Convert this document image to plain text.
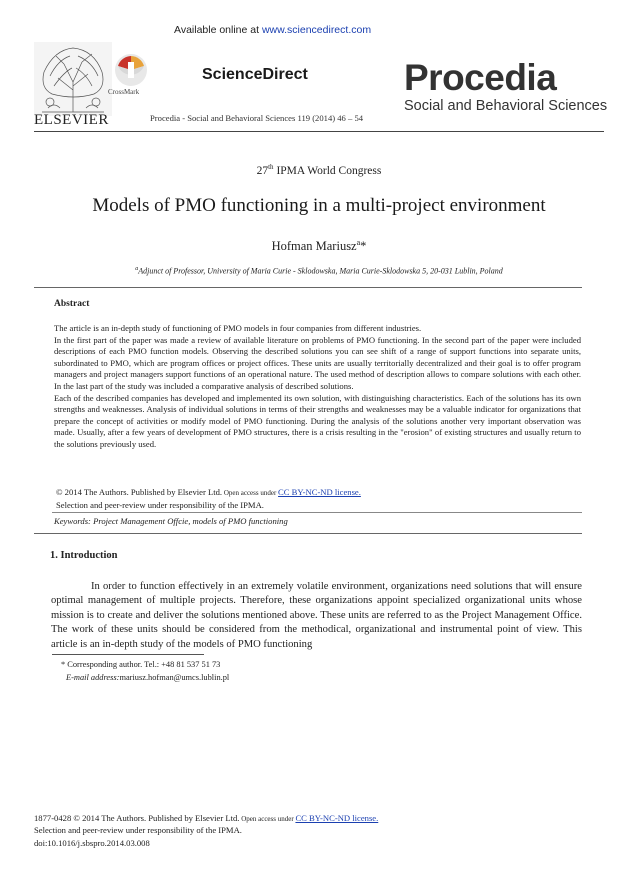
ELSEVIER
CrossMark
Available online at www.sciencedirect.com
ScienceDirect
Procedia - Social and Behavioral Sciences 119 (2014) 46 – 54
Procedia
Social and Behavioral Sciences
27th IPMA World Congress
Models of PMO functioning in a multi-project environment
Hofman Mariusz$^a$*
$^a$Adjunct of Professor, University of Maria Curie - Sklodowska, Maria Curie-Sklodowska 5, 20-031 Lublin, Poland
Abstract
The article is an in-depth study of functioning of PMO models in four companies from different industries.
In the first part of the paper was made a review of available literature on problems of PMO functioning. In the second part of the paper were included descriptions of each PMO function models. Observing the described solutions you can see shift of a range of support functions into separate units, subordinated to PMO, which are program offices or project offices. These units are usually territorially decentralized and their goal is to offer program managers and project managers support functions of an operational nature. The used method of description allows to compare solutions with each other. In the last part of the study was included a comparative analysis of described solutions.
Each of the described companies has developed and implemented its own solution, with distinguishing characteristics. Each of the solutions has its own strengths and weaknesses. Analysis of individual solutions in terms of their strengths and weaknesses may be a valuable indicator for organizations that prepare the concept of activities or modify model of PMO functioning. During the analysis of the solutions another very important observation was made. Usually, after a few years of development of PMO structures, there is a crisis resulting in the "erosion" of existing structures and usually return to the solutions previously used.
© 2014 The Authors. Published by Elsevier Ltd. Open access under CC BY-NC-ND license.
Selection and peer-review under responsibility of the IPMA.
Keywords: Project Management Offcie, models of PMO functioning
1. Introduction
In order to function effectively in an extremely volatile environment, organizations need solutions that will ensure optimal management of multiple projects. Therefore, these organizations appoint specialized organizational units whose mission is to create and deliver the solutions mentioned above. These units are referred to as the Project Management Office. The work of these units should be considered from the methodical, organizational and instrumental point of view. This article is an in-depth study of the models of PMO functioning
* Corresponding author. Tel.: +48 81 537 51 73
E-mail address:mariusz.hofman@umcs.lublin.pl
1877-0428 © 2014 The Authors. Published by Elsevier Ltd. Open access under CC BY-NC-ND license.
Selection and peer-review under responsibility of the IPMA.
doi:10.1016/j.sbspro.2014.03.008
